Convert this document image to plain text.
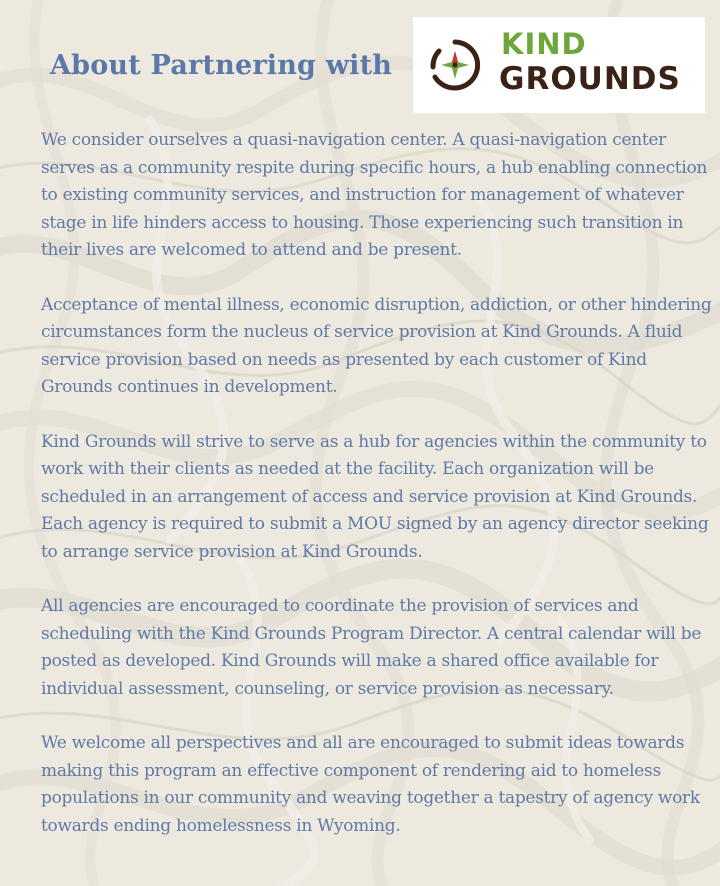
About Partnering with
KIND
GROUNDS

We consider ourselves a quasi-navigation center. A quasi-navigation center serves as a community respite during specific hours, a hub enabling connection to existing community services, and instruction for management of whatever stage in life hinders access to housing. Those experiencing such transition in their lives are welcomed to attend and be present.

Acceptance of mental illness, economic disruption, addiction, or other hindering circumstances form the nucleus of service provision at Kind Grounds. A fluid service provision based on needs as presented by each customer of Kind Grounds continues in development.

Kind Grounds will strive to serve as a hub for agencies within the community to work with their clients as needed at the facility. Each organization will be scheduled in an arrangement of access and service provision at Kind Grounds. Each agency is required to submit a MOU signed by an agency director seeking to arrange service provision at Kind Grounds.

All agencies are encouraged to coordinate the provision of services and scheduling with the Kind Grounds Program Director. A central calendar will be posted as developed. Kind Grounds will make a shared office available for individual assessment, counseling, or service provision as necessary.

We welcome all perspectives and all are encouraged to submit ideas towards making this program an effective component of rendering aid to homeless populations in our community and weaving together a tapestry of agency work towards ending homelessness in Wyoming.
